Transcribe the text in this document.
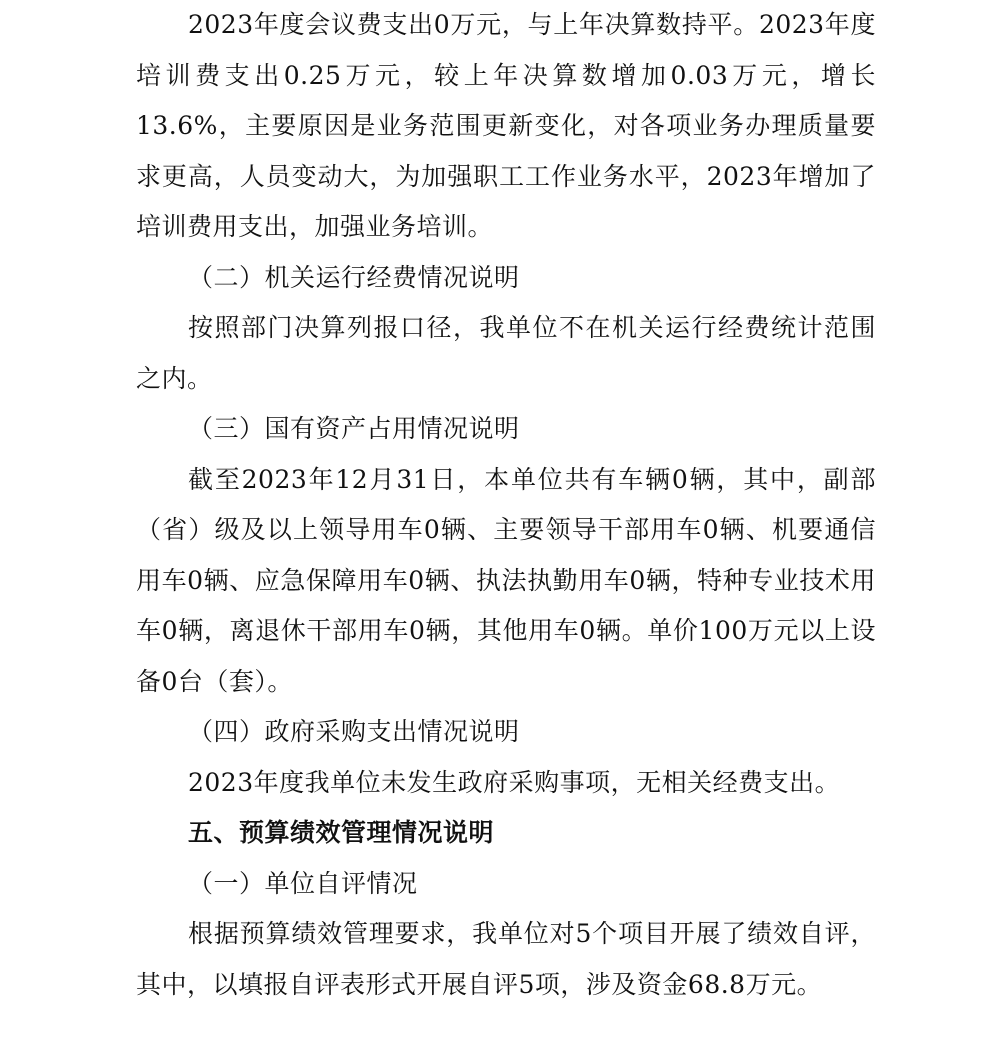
2023年度会议费支出0万元，与上年决算数持平。2023年度培训费支出0.25万元，较上年决算数增加0.03万元，增长13.6%，主要原因是业务范围更新变化，对各项业务办理质量要求更高，人员变动大，为加强职工工作业务水平，2023年增加了培训费用支出，加强业务培训。

（二）机关运行经费情况说明

按照部门决算列报口径，我单位不在机关运行经费统计范围之内。

（三）国有资产占用情况说明

截至2023年12月31日，本单位共有车辆0辆，其中，副部（省）级及以上领导用车0辆、主要领导干部用车0辆、机要通信用车0辆、应急保障用车0辆、执法执勤用车0辆，特种专业技术用车0辆，离退休干部用车0辆，其他用车0辆。单价100万元以上设备0台（套）。

（四）政府采购支出情况说明

2023年度我单位未发生政府采购事项，无相关经费支出。

五、预算绩效管理情况说明

（一）单位自评情况

根据预算绩效管理要求，我单位对5个项目开展了绩效自评，其中，以填报自评表形式开展自评5项，涉及资金68.8万元。
